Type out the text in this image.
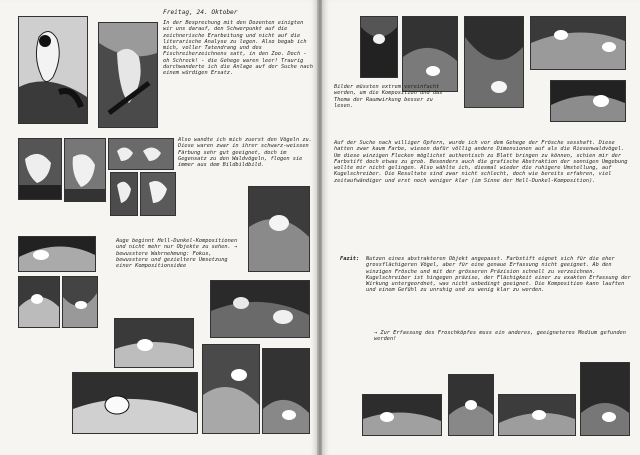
Freitag, 24. Oktober
In der Besprechung mit den Dozenten einigten wir uns darauf, den Schwerpunkt auf die zeichnerische Erarbeitung und nicht auf die literarische Analyse zu legen. Also begab ich mich, voller Tatendrang und des Fischreiherzeichnens satt, in den Zoo. Doch - oh Schreck! - die Gehege waren leer! Traurig durchwanderte ich die Anlage auf der Suche nach einem würdigen Ersatz.
Also wandte ich mich zuerst den Vögeln zu. Diese waren zwar in ihrer schwarz-weissen Färbung sehr gut geeignet, doch im Gegensatz zu den Waldvögeln, flogen sie immer aus dem Bildbildbild.
Auge beginnt Hell-Dunkel-Kompositionen und nicht mehr nur Objekte zu sehen. → bewusstere Wahrnehmung: Fokus, bewusstere und gezieltere Umsetzung einer Kompositionsidee
Bilder müssten extrem vereinfacht werden, um die Komposition und das Thema der Raumwirkung besser zu lesen.
Auf der Suche nach williger Opfern, wurde ich vor dem Gehege der Frösche sesshaft. Diese hatten zwar kaum Farbe, wiesen dafür völlig andere Dimensionen auf als die Riesenwaldvögel. Um diese winzigen Flecken möglichst authentisch zu Blatt bringen zu können, schien mir der Farbstift doch etwas zu grob. Besonders auch die grafische Abstraktion der sonnigen Umgebung wollte mir nicht gelingen. Also wählte ich, diesmal wieder die ruhigere Umstellung, auf Kugelschreiber. Die Resultate sind zwar nicht schlecht, doch wie bereits erfahren, viel zeitaufwändiger und erst noch weniger klar (im Sinne der Hell-Dunkel-Komposition).
Fazit:	Nutzen eines abstrakteren Objekt angepasst. Farbstift eignet sich für die eher grossflächigeren Vögel, aber für eine genaue Erfassung nicht geeignet. Ab den winzigen Frösche und mit der grösseren Präzision schnell zu verzeichnen. Kugelschreiber ist hingegen präzise, der Flächigkeit einer zu exakten Erfassung der Wirkung untergeordnet, was nicht unbedingt geeignet. Die Komposition kann lauften und einem Gefühl zu unruhig und zu wenig klar zu werden.
→ Zur Erfassung des Froschköpfes muss ein anderes, geeigneteres Medium gefunden werden!
